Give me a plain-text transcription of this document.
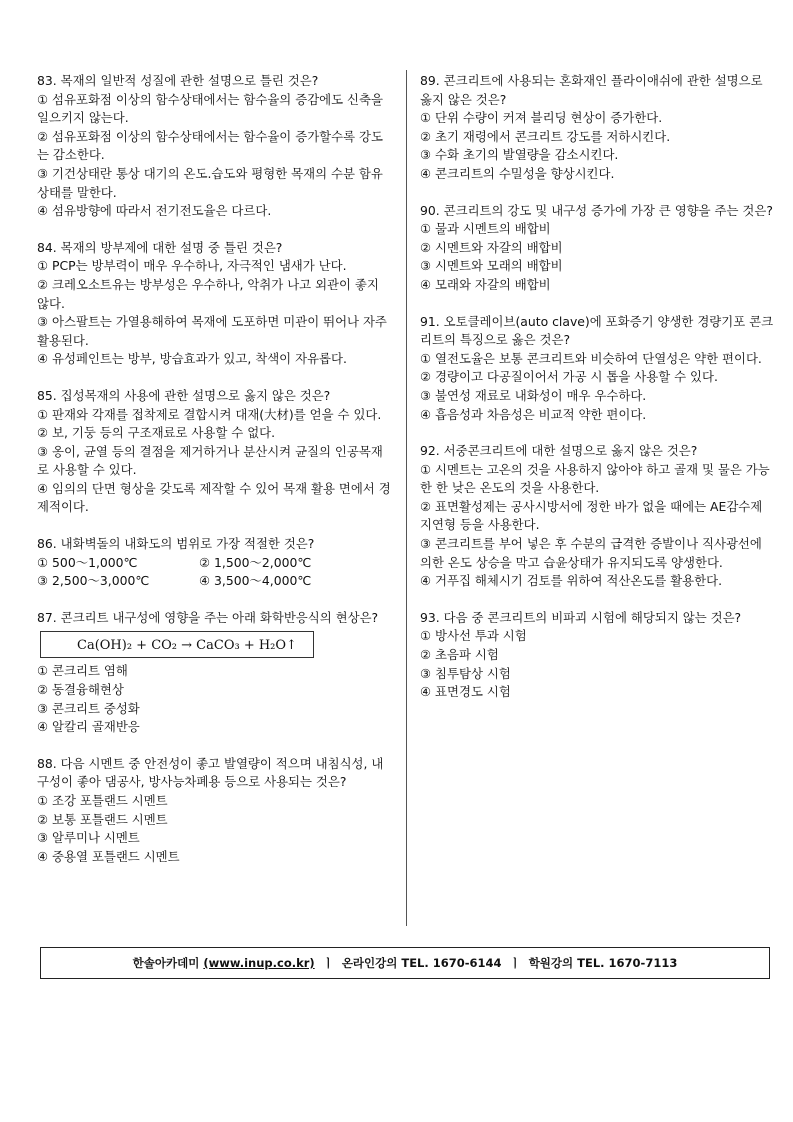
83. 목재의 일반적 성질에 관한 설명으로 틀린 것은?

① 섬유포화점 이상의 함수상태에서는 함수율의 증감에도 신축을 일으키지 않는다.

② 섬유포화점 이상의 함수상태에서는 함수율이 증가할수록 강도는 감소한다.

③ 기건상태란 통상 대기의 온도.습도와 평형한 목재의 수분 함유 상태를 말한다.

④ 섬유방향에 따라서 전기전도율은 다르다.

84. 목재의 방부제에 대한 설명 중 틀린 것은?

① PCP는 방부력이 매우 우수하나, 자극적인 냄새가 난다.

② 크레오소트유는 방부성은 우수하나, 악취가 나고 외관이 좋지 않다.

③ 아스팔트는 가열용해하여 목재에 도포하면 미관이 뛰어나 자주 활용된다.

④ 유성페인트는 방부, 방습효과가 있고, 착색이 자유롭다.

85. 집성목재의 사용에 관한 설명으로 옳지 않은 것은?

① 판재와 각재를 접착제로 결합시켜 대재(大材)를 얻을 수 있다.

② 보, 기둥 등의 구조재료로 사용할 수 없다.

③ 옹이, 균열 등의 결점을 제거하거나 분산시켜 균질의 인공목재로 사용할 수 있다.

④ 임의의 단면 형상을 갖도록 제작할 수 있어 목재 활용 면에서 경제적이다.

86. 내화벽돌의 내화도의 범위로 가장 적절한 것은?

① 500～1,000℃	② 1,500～2,000℃
③ 2,500～3,000℃	④ 3,500～4,000℃

87. 콘크리트 내구성에 영향을 주는 아래 화학반응식의 현상은?

Ca(OH)₂ + CO₂ → CaCO₃ + H₂O↑

① 콘크리트 염해

② 동결융해현상

③ 콘크리트 중성화

④ 알칼리 골재반응

88. 다음 시멘트 중 안전성이 좋고 발열량이 적으며 내침식성, 내구성이 좋아 댐공사, 방사능차폐용 등으로 사용되는 것은?

① 조강 포틀랜드 시멘트

② 보통 포틀랜드 시멘트

③ 알루미나 시멘트

④ 중용열 포틀랜드 시멘트

89. 콘크리트에 사용되는 혼화재인 플라이애쉬에 관한 설명으로 옳지 않은 것은?

① 단위 수량이 커져 블리딩 현상이 증가한다.

② 초기 재령에서 콘크리트 강도를 저하시킨다.

③ 수화 초기의 발열량을 감소시킨다.

④ 콘크리트의 수밀성을 향상시킨다.

90. 콘크리트의 강도 및 내구성 증가에 가장 큰 영향을 주는 것은?

① 물과 시멘트의 배합비

② 시멘트와 자갈의 배합비

③ 시멘트와 모래의 배합비

④ 모래와 자갈의 배합비

91. 오토클레이브(auto clave)에 포화증기 양생한 경량기포 콘크리트의 특징으로 옳은 것은?

① 열전도율은 보통 콘크리트와 비슷하여 단열성은 약한 편이다.

② 경량이고 다공질이어서 가공 시 톱을 사용할 수 있다.

③ 불연성 재료로 내화성이 매우 우수하다.

④ 흡음성과 차음성은 비교적 약한 편이다.

92. 서중콘크리트에 대한 설명으로 옳지 않은 것은?

① 시멘트는 고온의 것을 사용하지 않아야 하고 골재 및 물은 가능한 한 낮은 온도의 것을 사용한다.

② 표면활성제는 공사시방서에 정한 바가 없을 때에는 AE감수제 지연형 등을 사용한다.

③ 콘크리트를 부어 넣은 후 수분의 급격한 증발이나 직사광선에 의한 온도 상승을 막고 습윤상태가 유지되도록 양생한다.

④ 거푸집 해체시기 검토를 위하여 적산온도를 활용한다.

93. 다음 중 콘크리트의 비파괴 시험에 해당되지 않는 것은?

① 방사선 투과 시험

② 초음파 시험

③ 침투탐상 시험

④ 표면경도 시험

한솔아카데미 (www.inup.co.kr) ㅣ 온라인강의 TEL. 1670-6144 ㅣ 학원강의 TEL. 1670-7113
